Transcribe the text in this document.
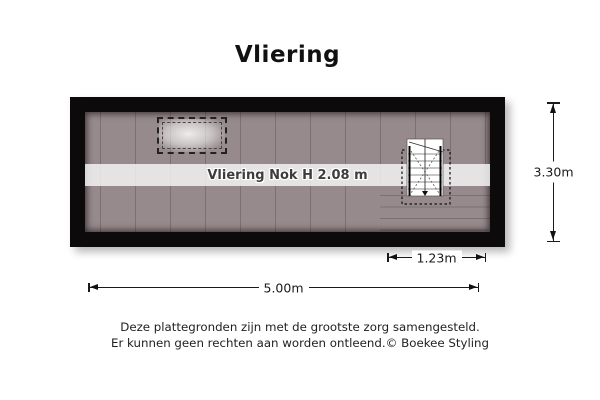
Vliering
Vliering Nok H 2.08 m	3.30m
1.23m
5.00m
Deze plattegronden zijn met de grootste zorg samengesteld.
Er kunnen geen rechten aan worden ontleend.© Boekee Styling
